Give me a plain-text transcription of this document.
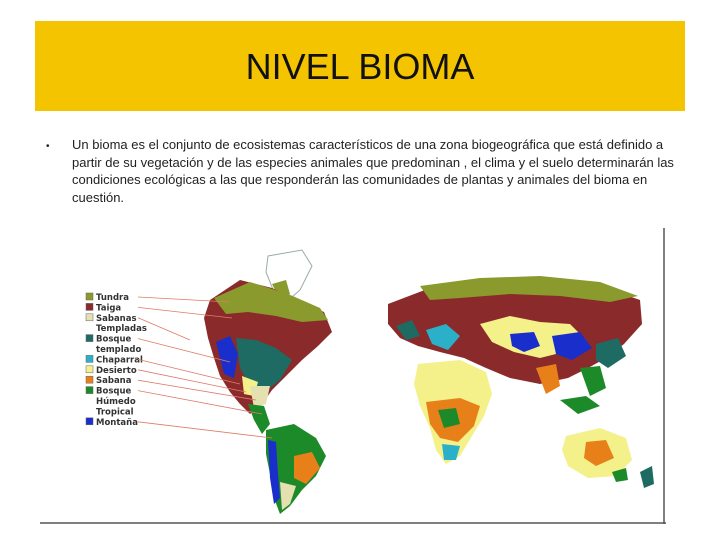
NIVEL BIOMA
• Un bioma es el conjunto de ecosistemas característicos de una zona biogeográfica que está definido a partir de su vegetación y de las especies animales que predominan , el clima y el suelo determinarán las condiciones ecológicas a las que responderán las comunidades de plantas y animales del bioma en cuestión.
Tundra
Taiga
Sabanas
Templadas
Bosque
templado
Chaparral
Desierto
Sabana
Bosque
Húmedo
Tropical
Montaña
